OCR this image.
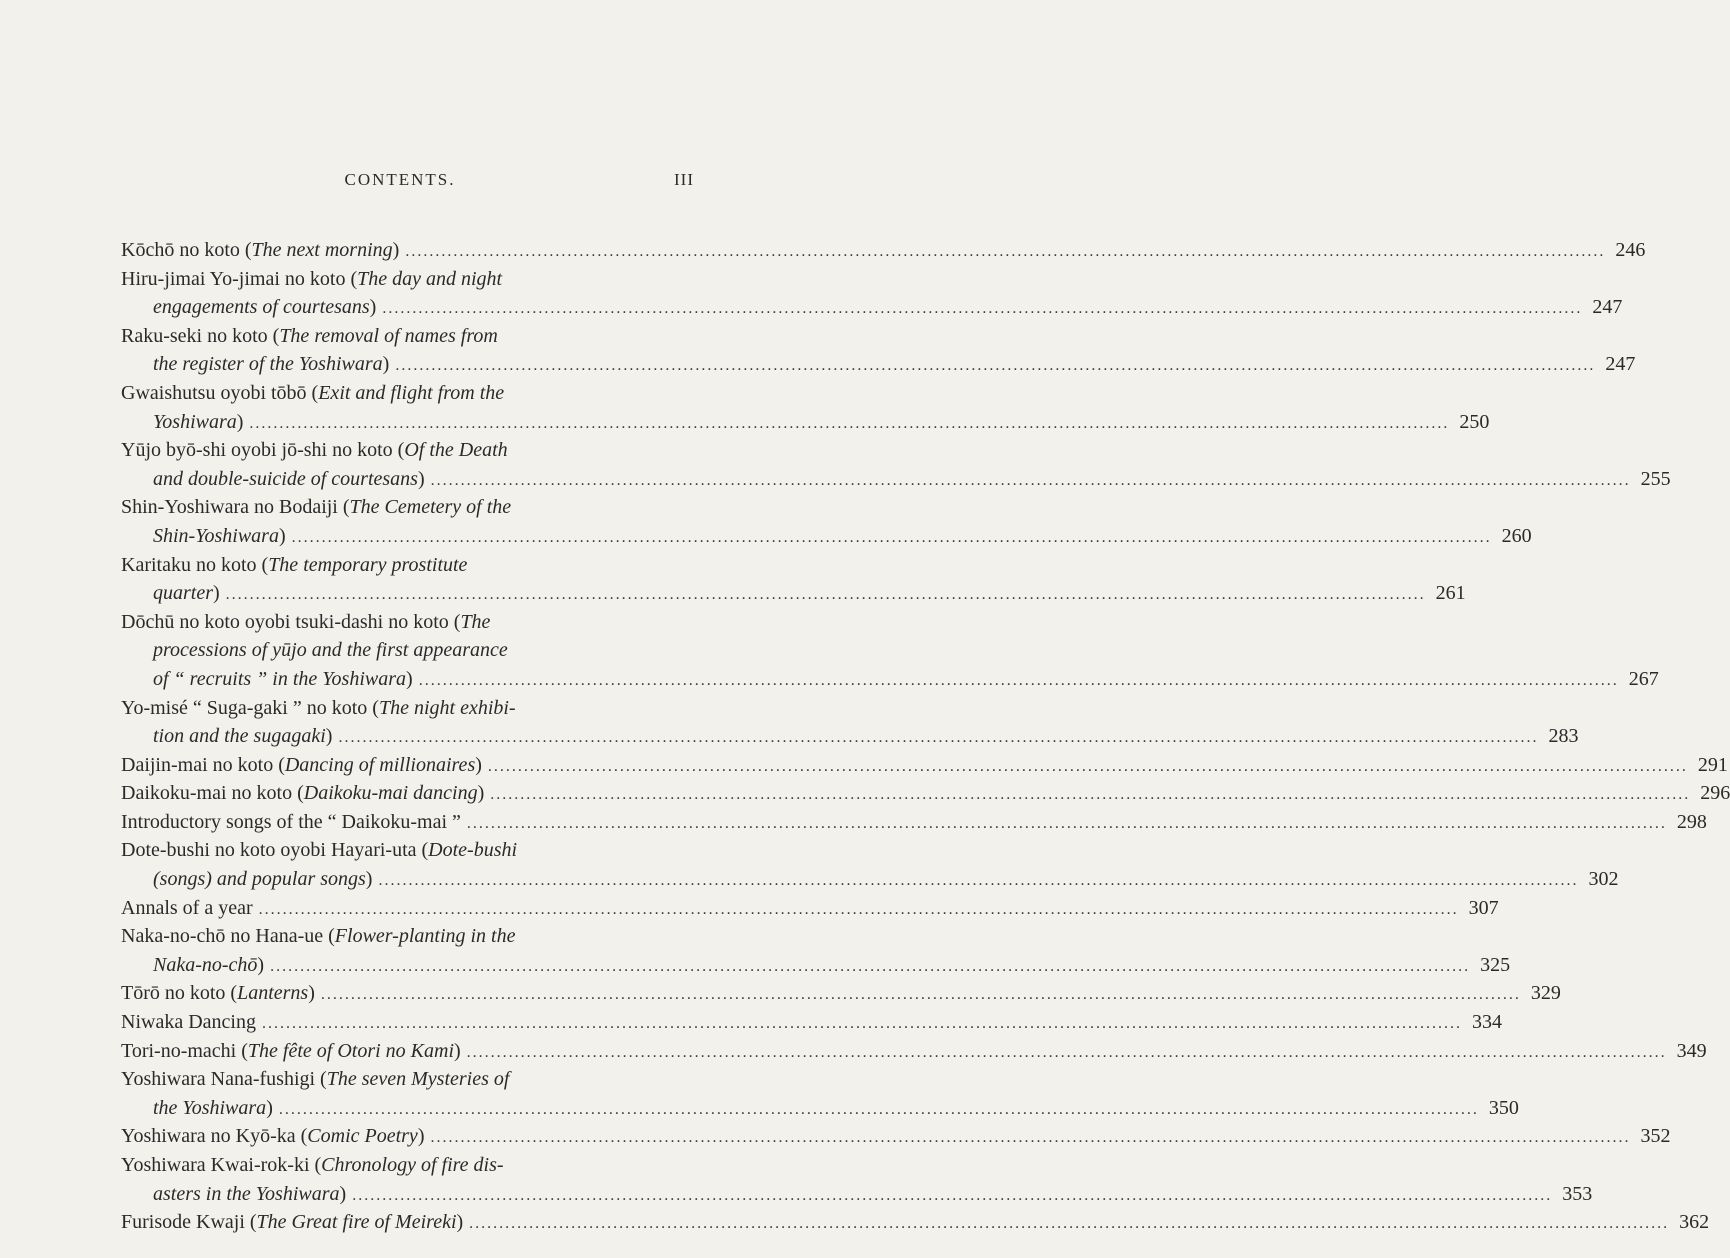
CONTENTS.	III
Kōchō no koto (The next morning) ........................................................................................................................................................................................................ 246
Hiru-jimai Yo-jimai no koto (The day and night
engagements of courtesans) ........................................................................................................................................................................................................ 247
Raku-seki no koto (The removal of names from
the register of the Yoshiwara) ........................................................................................................................................................................................................ 247
Gwaishutsu oyobi tōbō (Exit and flight from the
Yoshiwara) ........................................................................................................................................................................................................ 250
Yūjo byō-shi oyobi jō-shi no koto (Of the Death
and double-suicide of courtesans) ........................................................................................................................................................................................................ 255
Shin-Yoshiwara no Bodaiji (The Cemetery of the
Shin-Yoshiwara) ........................................................................................................................................................................................................ 260
Karitaku no koto (The temporary prostitute
quarter) ........................................................................................................................................................................................................ 261
Dōchū no koto oyobi tsuki-dashi no koto (The
processions of yūjo and the first appearance
of “ recruits ” in the Yoshiwara) ........................................................................................................................................................................................................ 267
Yo-misé “ Suga-gaki ” no koto (The night exhibi-
tion and the sugagaki) ........................................................................................................................................................................................................ 283
Daijin-mai no koto (Dancing of millionaires) ........................................................................................................................................................................................................ 291
Daikoku-mai no koto (Daikoku-mai dancing) ........................................................................................................................................................................................................ 296
Introductory songs of the “ Daikoku-mai ” ........................................................................................................................................................................................................ 298
Dote-bushi no koto oyobi Hayari-uta (Dote-bushi
(songs) and popular songs) ........................................................................................................................................................................................................ 302
Annals of a year ........................................................................................................................................................................................................ 307
Naka-no-chō no Hana-ue (Flower-planting in the
Naka-no-chō) ........................................................................................................................................................................................................ 325
Tōrō no koto (Lanterns) ........................................................................................................................................................................................................ 329
Niwaka Dancing ........................................................................................................................................................................................................ 334
Tori-no-machi (The fête of Otori no Kami) ........................................................................................................................................................................................................ 349
Yoshiwara Nana-fushigi (The seven Mysteries of
the Yoshiwara) ........................................................................................................................................................................................................ 350
Yoshiwara no Kyō-ka (Comic Poetry) ........................................................................................................................................................................................................ 352
Yoshiwara Kwai-rok-ki (Chronology of fire dis-
asters in the Yoshiwara) ........................................................................................................................................................................................................ 353
Furisode Kwaji (The Great fire of Meireki) ........................................................................................................................................................................................................ 362
